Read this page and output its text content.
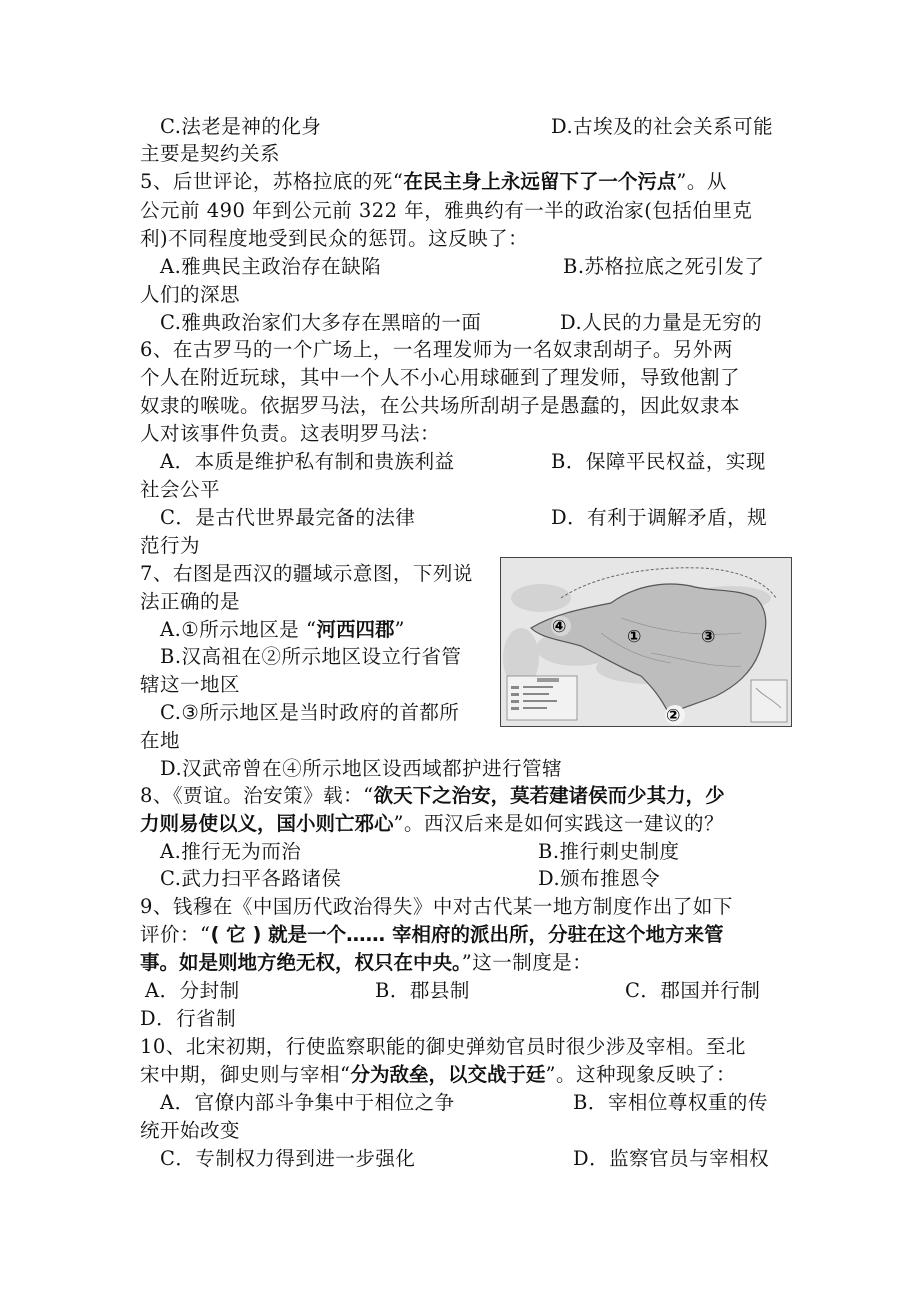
C.法老是神的化身	D.古埃及的社会关系可能
主要是契约关系
5、后世评论，苏格拉底的死“在民主身上永远留下了一个污点”。从
公元前 490 年到公元前 322 年，雅典约有一半的政治家(包括伯里克
利)不同程度地受到民众的惩罚。这反映了：
A.雅典民主政治存在缺陷	B.苏格拉底之死引发了
人们的深思
C.雅典政治家们大多存在黑暗的一面	D.人民的力量是无穷的
6、在古罗马的一个广场上，一名理发师为一名奴隶刮胡子。另外两
个人在附近玩球，其中一个人不小心用球砸到了理发师，导致他割了
奴隶的喉咙。依据罗马法，在公共场所刮胡子是愚蠢的，因此奴隶本
人对该事件负责。这表明罗马法：
A．本质是维护私有制和贵族利益	B．保障平民权益，实现
社会公平
C．是古代世界最完备的法律	D．有利于调解矛盾，规
范行为
7、右图是西汉的疆域示意图，下列说
法正确的是
A.①所示地区是 “河西四郡”
B.汉高祖在②所示地区设立行省管
辖这一地区
C.③所示地区是当时政府的首都所
在地
D.汉武帝曾在④所示地区设西域都护进行管辖
④	①	③
②
8、《贾谊。治安策》载：“欲天下之治安，莫若建诸侯而少其力，少
力则易使以义，国小则亡邪心”。西汉后来是如何实践这一建议的？
A.推行无为而治	B.推行刺史制度
C.武力扫平各路诸侯	D.颁布推恩令
9、钱穆在《中国历代政治得失》中对古代某一地方制度作出了如下
评价：“( 它 ) 就是一个…… 宰相府的派出所，分驻在这个地方来管
事。如是则地方绝无权，权只在中央。”这一制度是：
A．分封制	B．郡县制	C．郡国并行制
D．行省制
10、北宋初期，行使监察职能的御史弹劾官员时很少涉及宰相。至北
宋中期，御史则与宰相“分为敌垒，以交战于廷”。这种现象反映了：
A．官僚内部斗争集中于相位之争	B．宰相位尊权重的传
统开始改变
C．专制权力得到进一步强化	D．监察官员与宰相权
